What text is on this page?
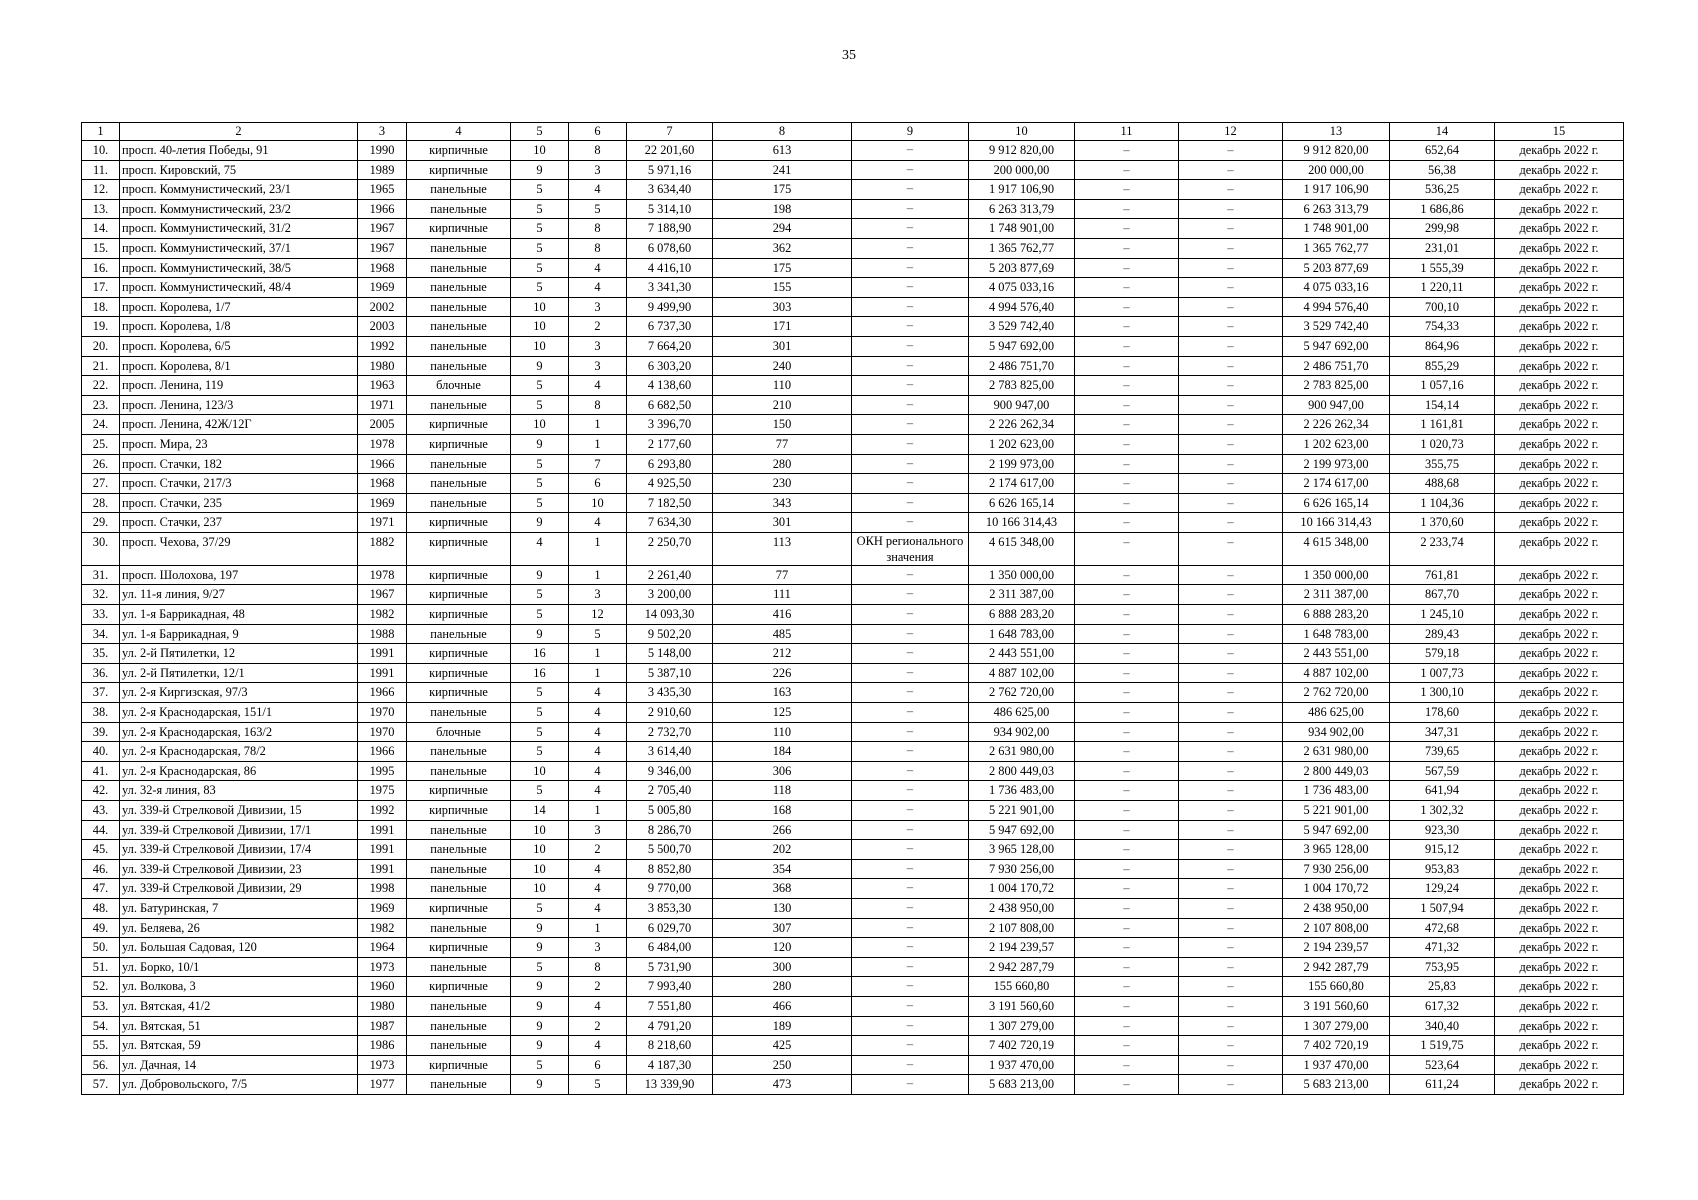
35
1	2	3	4	5	6	7	8	9	10	11	12	13	14	15
10.	просп. 40-летия Победы, 91	1990	кирпичные	10	8	22 201,60	613	–	9 912 820,00	–	–	9 912 820,00	652,64	декабрь 2022 г.
11.	просп. Кировский, 75	1989	кирпичные	9	3	5 971,16	241	–	200 000,00	–	–	200 000,00	56,38	декабрь 2022 г.
12.	просп. Коммунистический, 23/1	1965	панельные	5	4	3 634,40	175	–	1 917 106,90	–	–	1 917 106,90	536,25	декабрь 2022 г.
13.	просп. Коммунистический, 23/2	1966	панельные	5	5	5 314,10	198	–	6 263 313,79	–	–	6 263 313,79	1 686,86	декабрь 2022 г.
14.	просп. Коммунистический, 31/2	1967	кирпичные	5	8	7 188,90	294	–	1 748 901,00	–	–	1 748 901,00	299,98	декабрь 2022 г.
15.	просп. Коммунистический, 37/1	1967	панельные	5	8	6 078,60	362	–	1 365 762,77	–	–	1 365 762,77	231,01	декабрь 2022 г.
16.	просп. Коммунистический, 38/5	1968	панельные	5	4	4 416,10	175	–	5 203 877,69	–	–	5 203 877,69	1 555,39	декабрь 2022 г.
17.	просп. Коммунистический, 48/4	1969	панельные	5	4	3 341,30	155	–	4 075 033,16	–	–	4 075 033,16	1 220,11	декабрь 2022 г.
18.	просп. Королева, 1/7	2002	панельные	10	3	9 499,90	303	–	4 994 576,40	–	–	4 994 576,40	700,10	декабрь 2022 г.
19.	просп. Королева, 1/8	2003	панельные	10	2	6 737,30	171	–	3 529 742,40	–	–	3 529 742,40	754,33	декабрь 2022 г.
20.	просп. Королева, 6/5	1992	панельные	10	3	7 664,20	301	–	5 947 692,00	–	–	5 947 692,00	864,96	декабрь 2022 г.
21.	просп. Королева, 8/1	1980	панельные	9	3	6 303,20	240	–	2 486 751,70	–	–	2 486 751,70	855,29	декабрь 2022 г.
22.	просп. Ленина, 119	1963	блочные	5	4	4 138,60	110	–	2 783 825,00	–	–	2 783 825,00	1 057,16	декабрь 2022 г.
23.	просп. Ленина, 123/3	1971	панельные	5	8	6 682,50	210	–	900 947,00	–	–	900 947,00	154,14	декабрь 2022 г.
24.	просп. Ленина, 42Ж/12Г	2005	кирпичные	10	1	3 396,70	150	–	2 226 262,34	–	–	2 226 262,34	1 161,81	декабрь 2022 г.
25.	просп. Мира, 23	1978	кирпичные	9	1	2 177,60	77	–	1 202 623,00	–	–	1 202 623,00	1 020,73	декабрь 2022 г.
26.	просп. Стачки, 182	1966	панельные	5	7	6 293,80	280	–	2 199 973,00	–	–	2 199 973,00	355,75	декабрь 2022 г.
27.	просп. Стачки, 217/3	1968	панельные	5	6	4 925,50	230	–	2 174 617,00	–	–	2 174 617,00	488,68	декабрь 2022 г.
28.	просп. Стачки, 235	1969	панельные	5	10	7 182,50	343	–	6 626 165,14	–	–	6 626 165,14	1 104,36	декабрь 2022 г.
29.	просп. Стачки, 237	1971	кирпичные	9	4	7 634,30	301	–	10 166 314,43	–	–	10 166 314,43	1 370,60	декабрь 2022 г.
30.	просп. Чехова, 37/29	1882	кирпичные	4	1	2 250,70	113	ОКН регионального значения	4 615 348,00	–	–	4 615 348,00	2 233,74	декабрь 2022 г.
31.	просп. Шолохова, 197	1978	кирпичные	9	1	2 261,40	77	–	1 350 000,00	–	–	1 350 000,00	761,81	декабрь 2022 г.
32.	ул. 11-я линия, 9/27	1967	кирпичные	5	3	3 200,00	111	–	2 311 387,00	–	–	2 311 387,00	867,70	декабрь 2022 г.
33.	ул. 1-я Баррикадная, 48	1982	кирпичные	5	12	14 093,30	416	–	6 888 283,20	–	–	6 888 283,20	1 245,10	декабрь 2022 г.
34.	ул. 1-я Баррикадная, 9	1988	панельные	9	5	9 502,20	485	–	1 648 783,00	–	–	1 648 783,00	289,43	декабрь 2022 г.
35.	ул. 2-й Пятилетки, 12	1991	кирпичные	16	1	5 148,00	212	–	2 443 551,00	–	–	2 443 551,00	579,18	декабрь 2022 г.
36.	ул. 2-й Пятилетки, 12/1	1991	кирпичные	16	1	5 387,10	226	–	4 887 102,00	–	–	4 887 102,00	1 007,73	декабрь 2022 г.
37.	ул. 2-я Киргизская, 97/3	1966	кирпичные	5	4	3 435,30	163	–	2 762 720,00	–	–	2 762 720,00	1 300,10	декабрь 2022 г.
38.	ул. 2-я Краснодарская, 151/1	1970	панельные	5	4	2 910,60	125	–	486 625,00	–	–	486 625,00	178,60	декабрь 2022 г.
39.	ул. 2-я Краснодарская, 163/2	1970	блочные	5	4	2 732,70	110	–	934 902,00	–	–	934 902,00	347,31	декабрь 2022 г.
40.	ул. 2-я Краснодарская, 78/2	1966	панельные	5	4	3 614,40	184	–	2 631 980,00	–	–	2 631 980,00	739,65	декабрь 2022 г.
41.	ул. 2-я Краснодарская, 86	1995	панельные	10	4	9 346,00	306	–	2 800 449,03	–	–	2 800 449,03	567,59	декабрь 2022 г.
42.	ул. 32-я линия, 83	1975	кирпичные	5	4	2 705,40	118	–	1 736 483,00	–	–	1 736 483,00	641,94	декабрь 2022 г.
43.	ул. 339-й Стрелковой Дивизии, 15	1992	кирпичные	14	1	5 005,80	168	–	5 221 901,00	–	–	5 221 901,00	1 302,32	декабрь 2022 г.
44.	ул. 339-й Стрелковой Дивизии, 17/1	1991	панельные	10	3	8 286,70	266	–	5 947 692,00	–	–	5 947 692,00	923,30	декабрь 2022 г.
45.	ул. 339-й Стрелковой Дивизии, 17/4	1991	панельные	10	2	5 500,70	202	–	3 965 128,00	–	–	3 965 128,00	915,12	декабрь 2022 г.
46.	ул. 339-й Стрелковой Дивизии, 23	1991	панельные	10	4	8 852,80	354	–	7 930 256,00	–	–	7 930 256,00	953,83	декабрь 2022 г.
47.	ул. 339-й Стрелковой Дивизии, 29	1998	панельные	10	4	9 770,00	368	–	1 004 170,72	–	–	1 004 170,72	129,24	декабрь 2022 г.
48.	ул. Батуринская, 7	1969	кирпичные	5	4	3 853,30	130	–	2 438 950,00	–	–	2 438 950,00	1 507,94	декабрь 2022 г.
49.	ул. Беляева, 26	1982	панельные	9	1	6 029,70	307	–	2 107 808,00	–	–	2 107 808,00	472,68	декабрь 2022 г.
50.	ул. Большая Садовая, 120	1964	кирпичные	9	3	6 484,00	120	–	2 194 239,57	–	–	2 194 239,57	471,32	декабрь 2022 г.
51.	ул. Борко, 10/1	1973	панельные	5	8	5 731,90	300	–	2 942 287,79	–	–	2 942 287,79	753,95	декабрь 2022 г.
52.	ул. Волкова, 3	1960	кирпичные	9	2	7 993,40	280	–	155 660,80	–	–	155 660,80	25,83	декабрь 2022 г.
53.	ул. Вятская, 41/2	1980	панельные	9	4	7 551,80	466	–	3 191 560,60	–	–	3 191 560,60	617,32	декабрь 2022 г.
54.	ул. Вятская, 51	1987	панельные	9	2	4 791,20	189	–	1 307 279,00	–	–	1 307 279,00	340,40	декабрь 2022 г.
55.	ул. Вятская, 59	1986	панельные	9	4	8 218,60	425	–	7 402 720,19	–	–	7 402 720,19	1 519,75	декабрь 2022 г.
56.	ул. Дачная, 14	1973	кирпичные	5	6	4 187,30	250	–	1 937 470,00	–	–	1 937 470,00	523,64	декабрь 2022 г.
57.	ул. Добровольского, 7/5	1977	панельные	9	5	13 339,90	473	–	5 683 213,00	–	–	5 683 213,00	611,24	декабрь 2022 г.
